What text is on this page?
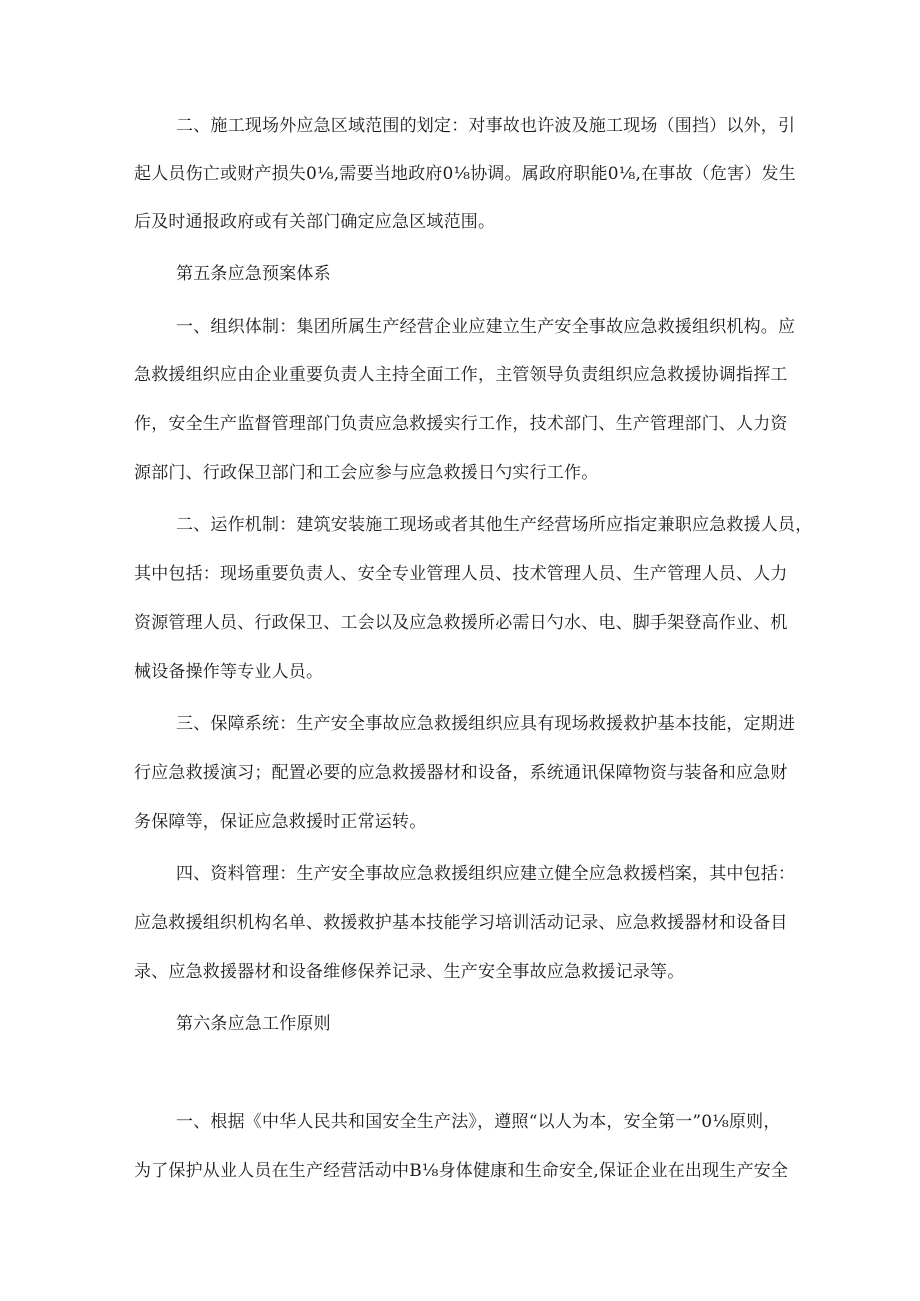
二、施工现场外应急区域范围的划定：对事故也许波及施工现场（围挡）以外，引
起人员伤亡或财产损失0⅛,需要当地政府0⅛协调。属政府职能0⅛,在事故（危害）发生
后及时通报政府或有关部门确定应急区域范围。
第五条应急预案体系
一、组织体制：集团所属生产经营企业应建立生产安全事故应急救援组织机构。应
急救援组织应由企业重要负责人主持全面工作，主管领导负责组织应急救援协调指挥工
作，安全生产监督管理部门负责应急救援实行工作，技术部门、生产管理部门、人力资
源部门、行政保卫部门和工会应参与应急救援日勺实行工作。
二、运作机制：建筑安装施工现场或者其他生产经营场所应指定兼职应急救援人员，
其中包括：现场重要负责人、安全专业管理人员、技术管理人员、生产管理人员、人力
资源管理人员、行政保卫、工会以及应急救援所必需日勺水、电、脚手架登高作业、机
械设备操作等专业人员。
三、保障系统：生产安全事故应急救援组织应具有现场救援救护基本技能，定期进
行应急救援演习；配置必要的应急救援器材和设备，系统通讯保障物资与装备和应急财
务保障等，保证应急救援时正常运转。
四、资料管理：生产安全事故应急救援组织应建立健全应急救援档案，其中包括：
应急救援组织机构名单、救援救护基本技能学习培训活动记录、应急救援器材和设备目
录、应急救援器材和设备维修保养记录、生产安全事故应急救援记录等。
第六条应急工作原则
一、根据《中华人民共和国安全生产法》，遵照“以人为本，安全第一”0⅛原则，
为了保护从业人员在生产经营活动中B⅛身体健康和生命安全,保证企业在出现生产安全
